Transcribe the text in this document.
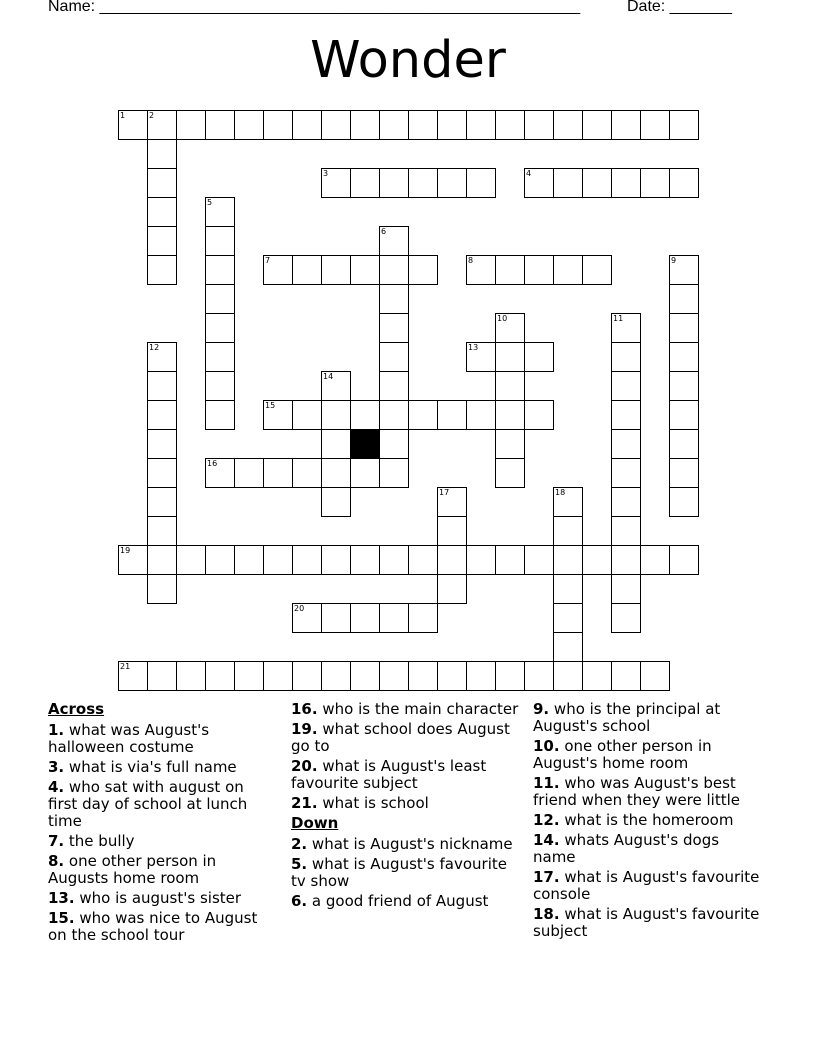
Name: ______________________________________________________	Date: _______
Wonder
1	2
3	4
5
6
7	8	9
10	11
12	13
14
15
16
17	18
19
20
21
Across
1. what was August's halloween costume
3. what is via's full name
4. who sat with august on first day of school at lunch time
7. the bully
8. one other person in Augusts home room
13. who is august's sister
15. who was nice to August on the school tour
16. who is the main character
19. what school does August go to
20. what is August's least favourite subject
21. what is school
Down
2. what is August's nickname
5. what is August's favourite tv show
6. a good friend of August
9. who is the principal at August's school
10. one other person in August's home room
11. who was August's best friend when they were little
12. what is the homeroom
14. whats August's dogs name
17. what is August's favourite console
18. what is August's favourite subject
